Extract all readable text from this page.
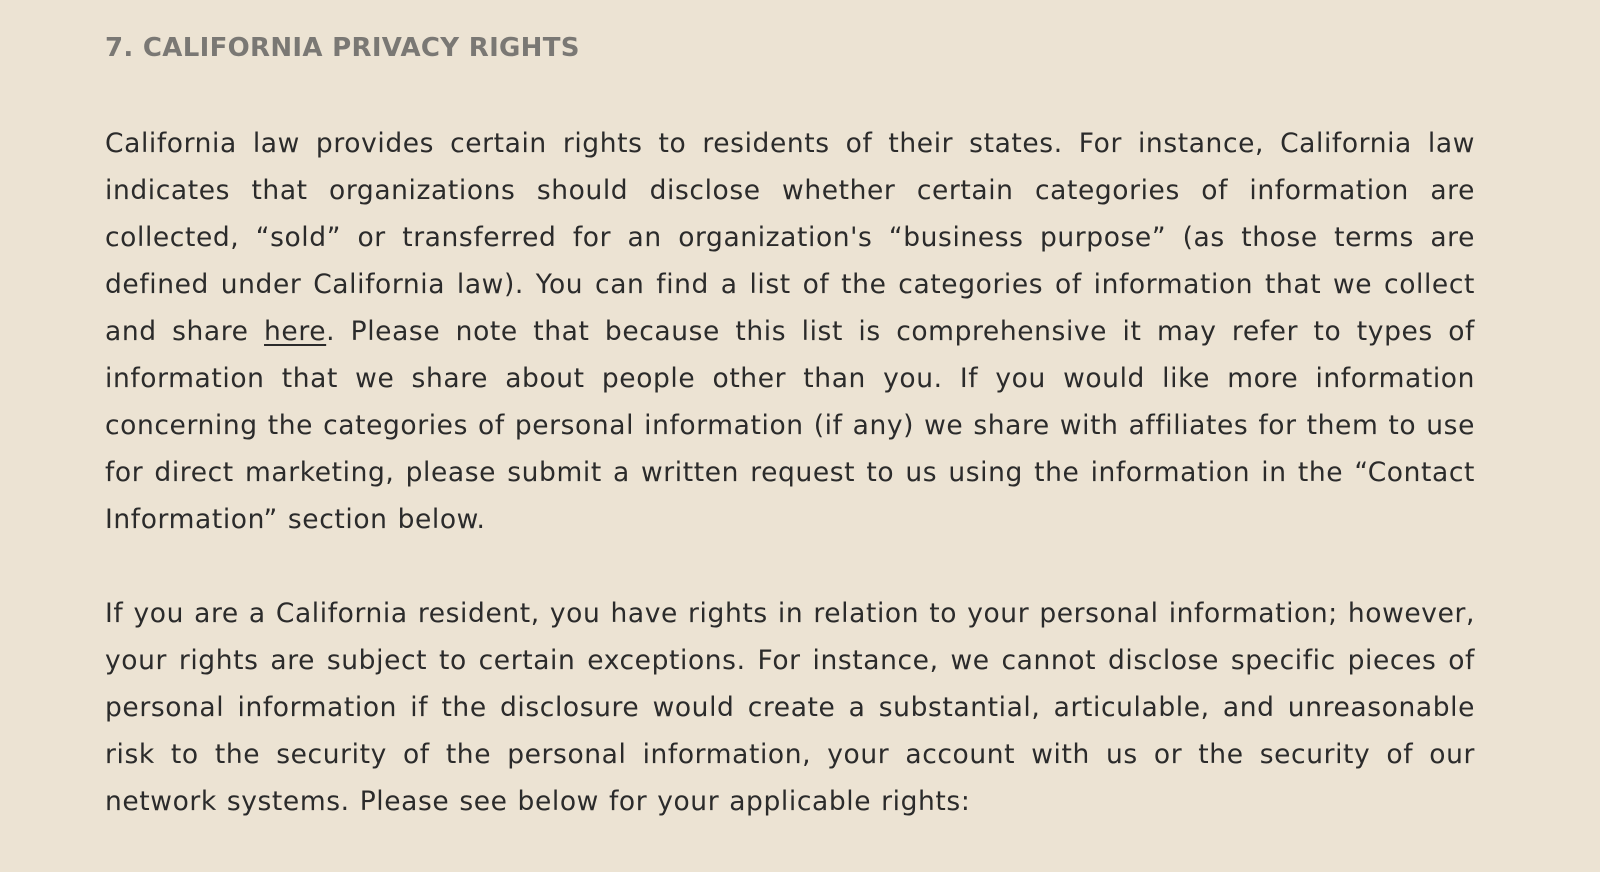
7. CALIFORNIA PRIVACY RIGHTS

California law provides certain rights to residents of their states. For instance, California law indicates that organizations should disclose whether certain categories of information are collected, “sold” or transferred for an organization's “business purpose” (as those terms are defined under California law). You can find a list of the categories of information that we collect and share here. Please note that because this list is comprehensive it may refer to types of information that we share about people other than you. If you would like more information concerning the categories of personal information (if any) we share with affiliates for them to use for direct marketing, please submit a written request to us using the information in the “Contact Information” section below.

If you are a California resident, you have rights in relation to your personal information; however, your rights are subject to certain exceptions. For instance, we cannot disclose specific pieces of personal information if the disclosure would create a substantial, articulable, and unreasonable risk to the security of the personal information, your account with us or the security of our network systems. Please see below for your applicable rights:
